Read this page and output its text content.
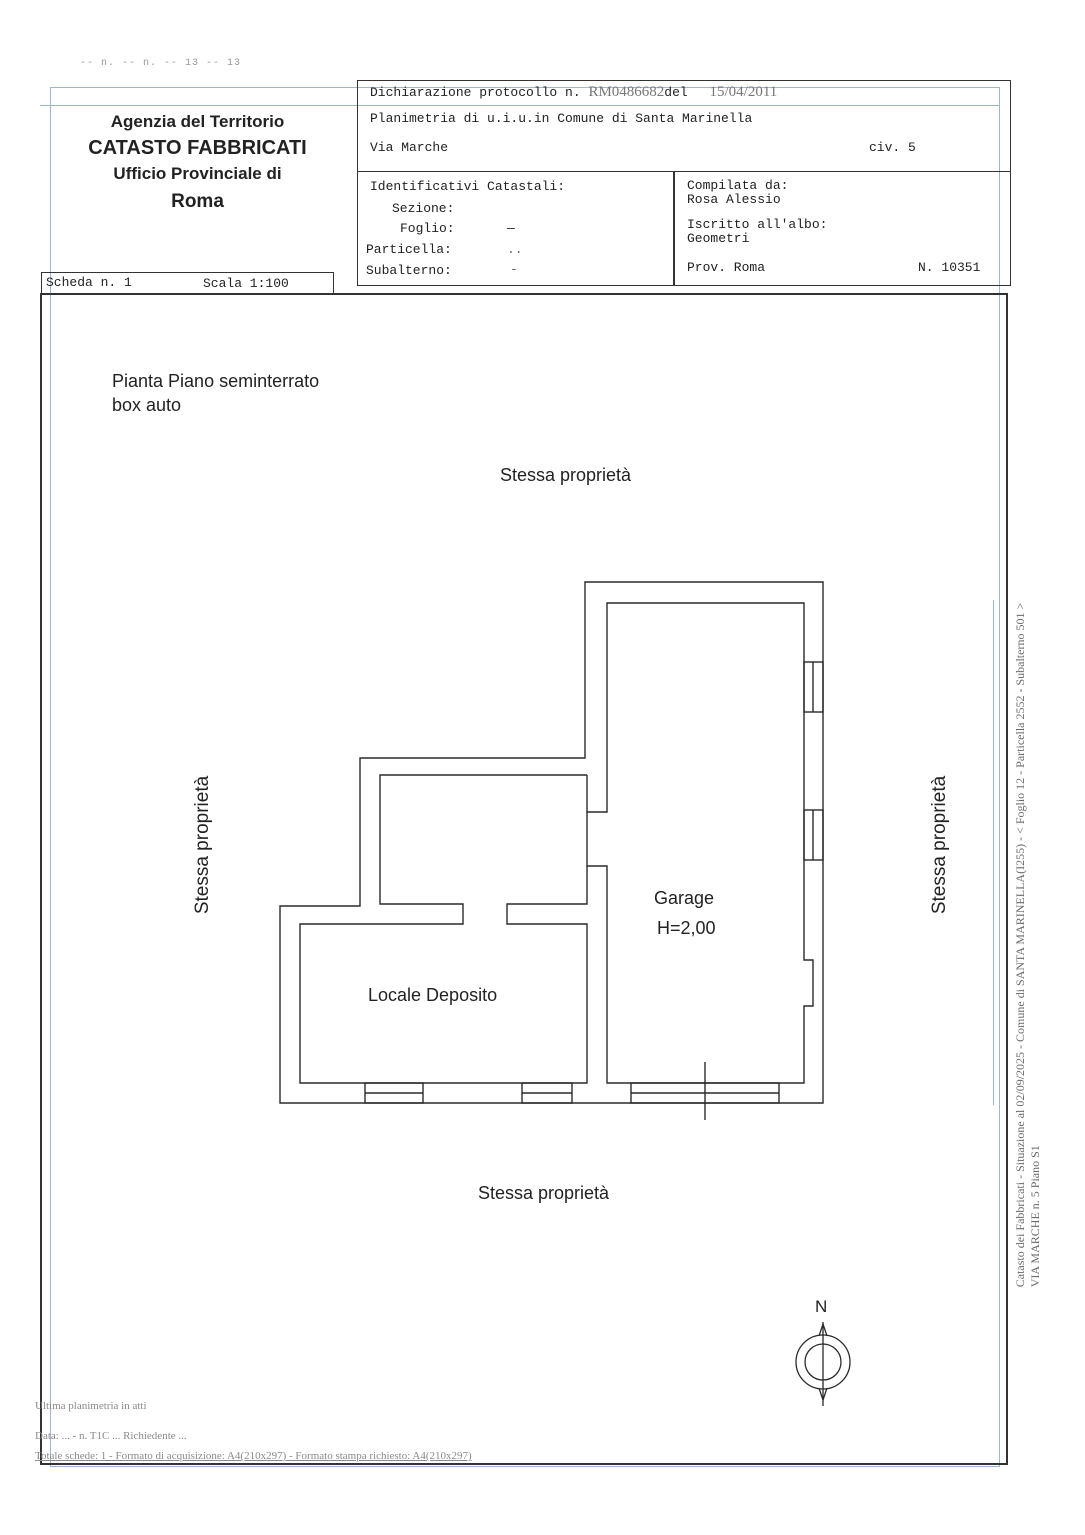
-- n. -- n. -- 13 -- 13
Agenzia del Territorio
CATASTO FABBRICATI
Ufficio Provinciale di
Roma
Dichiarazione protocollo n. RM0486682del 15/04/2011
Planimetria di u.i.u.in Comune di Santa Marinella
Via Marche	civ. 5
Identificativi Catastali:
Sezione:
Foglio:	—
Particella:	..
Subalterno:	-
Compilata da:
Rosa Alessio
Iscritto all'albo:
Geometri
Prov. Roma	N. 10351
Scheda n. 1	Scala 1:100
Pianta Piano seminterrato
box auto
Stessa proprietà
Stessa proprietà
Stessa proprietà	Stessa proprietà
Garage
H=2,00
Locale Deposito
N
Catasto dei Fabbricati - Situazione al 02/09/2025 - Comune di SANTA MARINELLA(I255) - < Foglio 12 - Particella 2552 - Subalterno 501 > VIA MARCHE n. 5 Piano S1
Ultima planimetria in atti
Data: ... - n. T1C ... Richiedente ...
Totale schede: 1 - Formato di acquisizione: A4(210x297) - Formato stampa richiesto: A4(210x297)
